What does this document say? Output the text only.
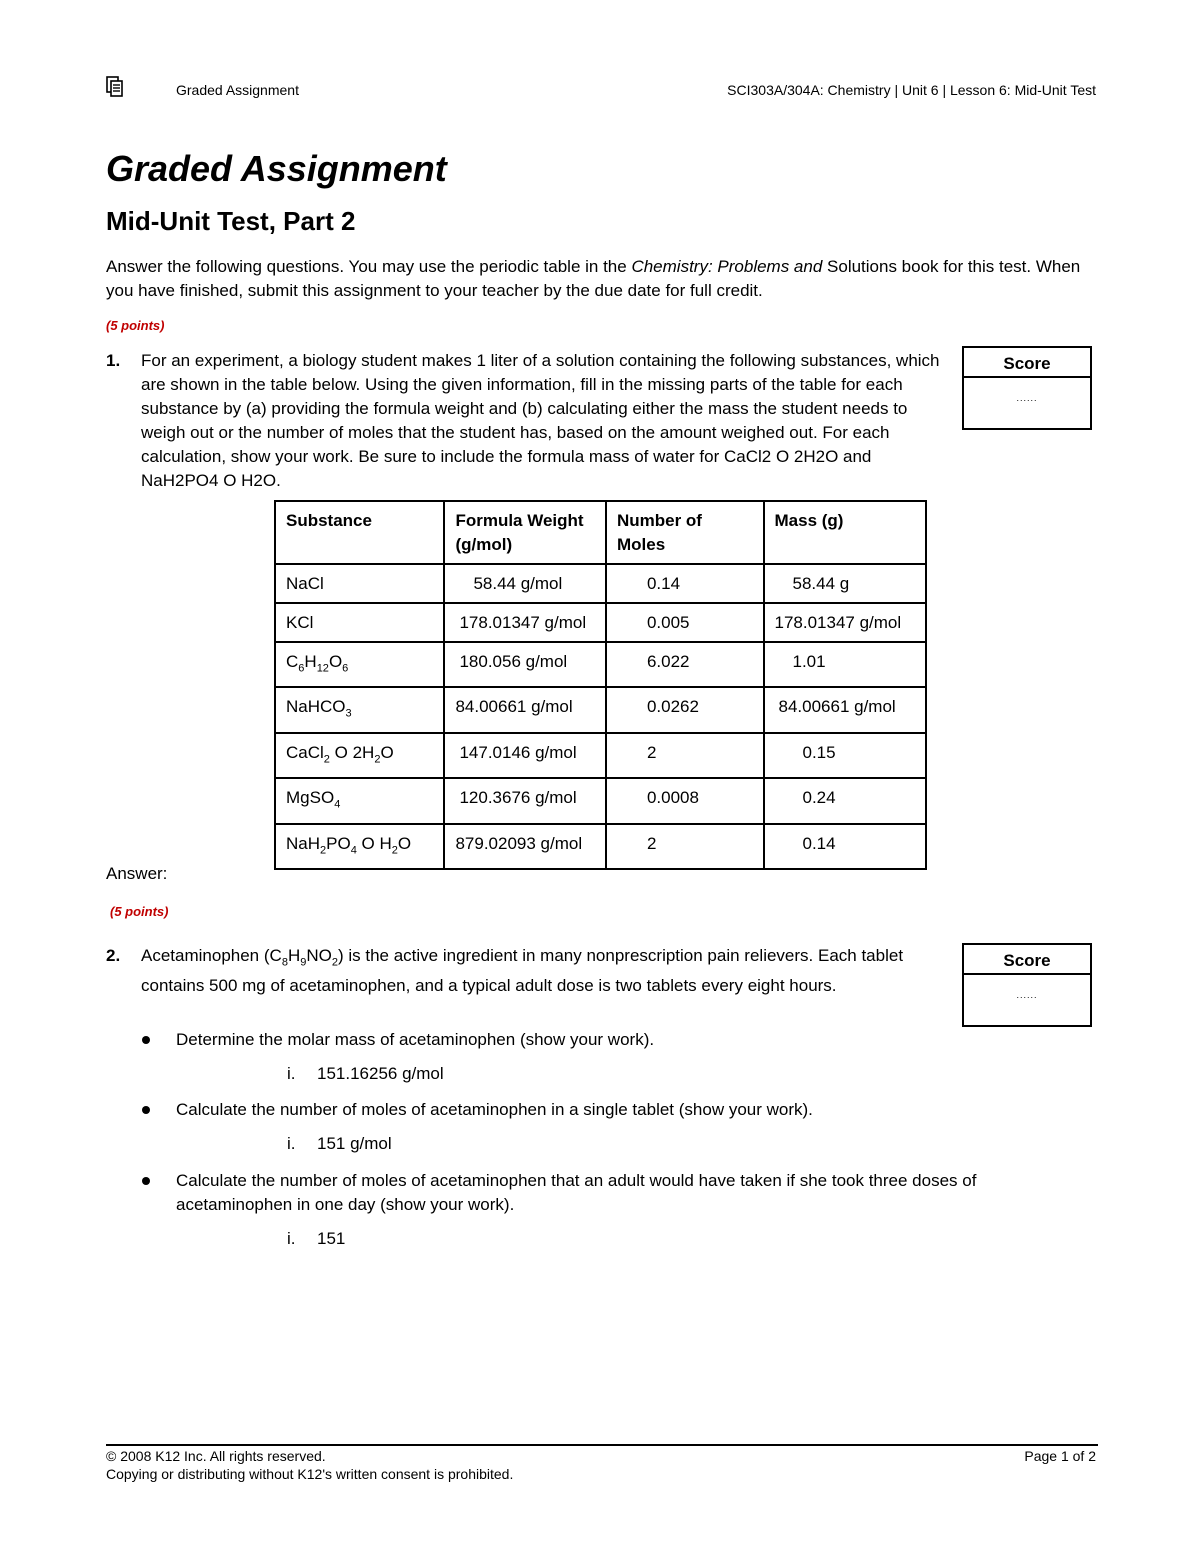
Graded Assignment	SCI303A/304A: Chemistry | Unit 6 | Lesson 6: Mid-Unit Test
Graded Assignment
Mid-Unit Test, Part 2
Answer the following questions. You may use the periodic table in the Chemistry: Problems and Solutions book for this test. When you have finished, submit this assignment to your teacher by the due date for full credit.
(5 points)
1. For an experiment, a biology student makes 1 liter of a solution containing the following substances, which are shown in the table below. Using the given information, fill in the missing parts of the table for each substance by (a) providing the formula weight and (b) calculating either the mass the student needs to weigh out or the number of moles that the student has, based on the amount weighed out. For each calculation, show your work. Be sure to include the formula mass of water for CaCl2 O 2H2O and NaH2PO4 O H2O.
Score
......
Substance	Formula Weight (g/mol)	Number of Moles	Mass (g)
NaCl	58.44 g/mol	0.14	58.44 g
KCl	178.01347 g/mol	0.005	178.01347 g/mol
$C_6H_{12}O_6$	180.056 g/mol	6.022	1.01
NaHCO$_3$	84.00661 g/mol	0.0262	84.00661 g/mol
CaCl$_2$ O $2H_2O$	147.0146 g/mol	2	0.15
MgSO$_4$	120.3676 g/mol	0.0008	0.24
$NaH_2PO_4$ O $H_2O$	879.02093 g/mol	2	0.14
Answer:
(5 points)
2. Acetaminophen $(C_8H_9NO_2)$ is the active ingredient in many nonprescription pain relievers. Each tablet contains 500 mg of acetaminophen, and a typical adult dose is two tablets every eight hours.
Score
......
Determine the molar mass of acetaminophen (show your work).
i. 151.16256 g/mol
Calculate the number of moles of acetaminophen in a single tablet (show your work).
i. 151 g/mol
Calculate the number of moles of acetaminophen that an adult would have taken if she took three doses of acetaminophen in one day (show your work).
i. 151
© 2008 K12 Inc. All rights reserved.
Copying or distributing without K12's written consent is prohibited.
Page 1 of 2
